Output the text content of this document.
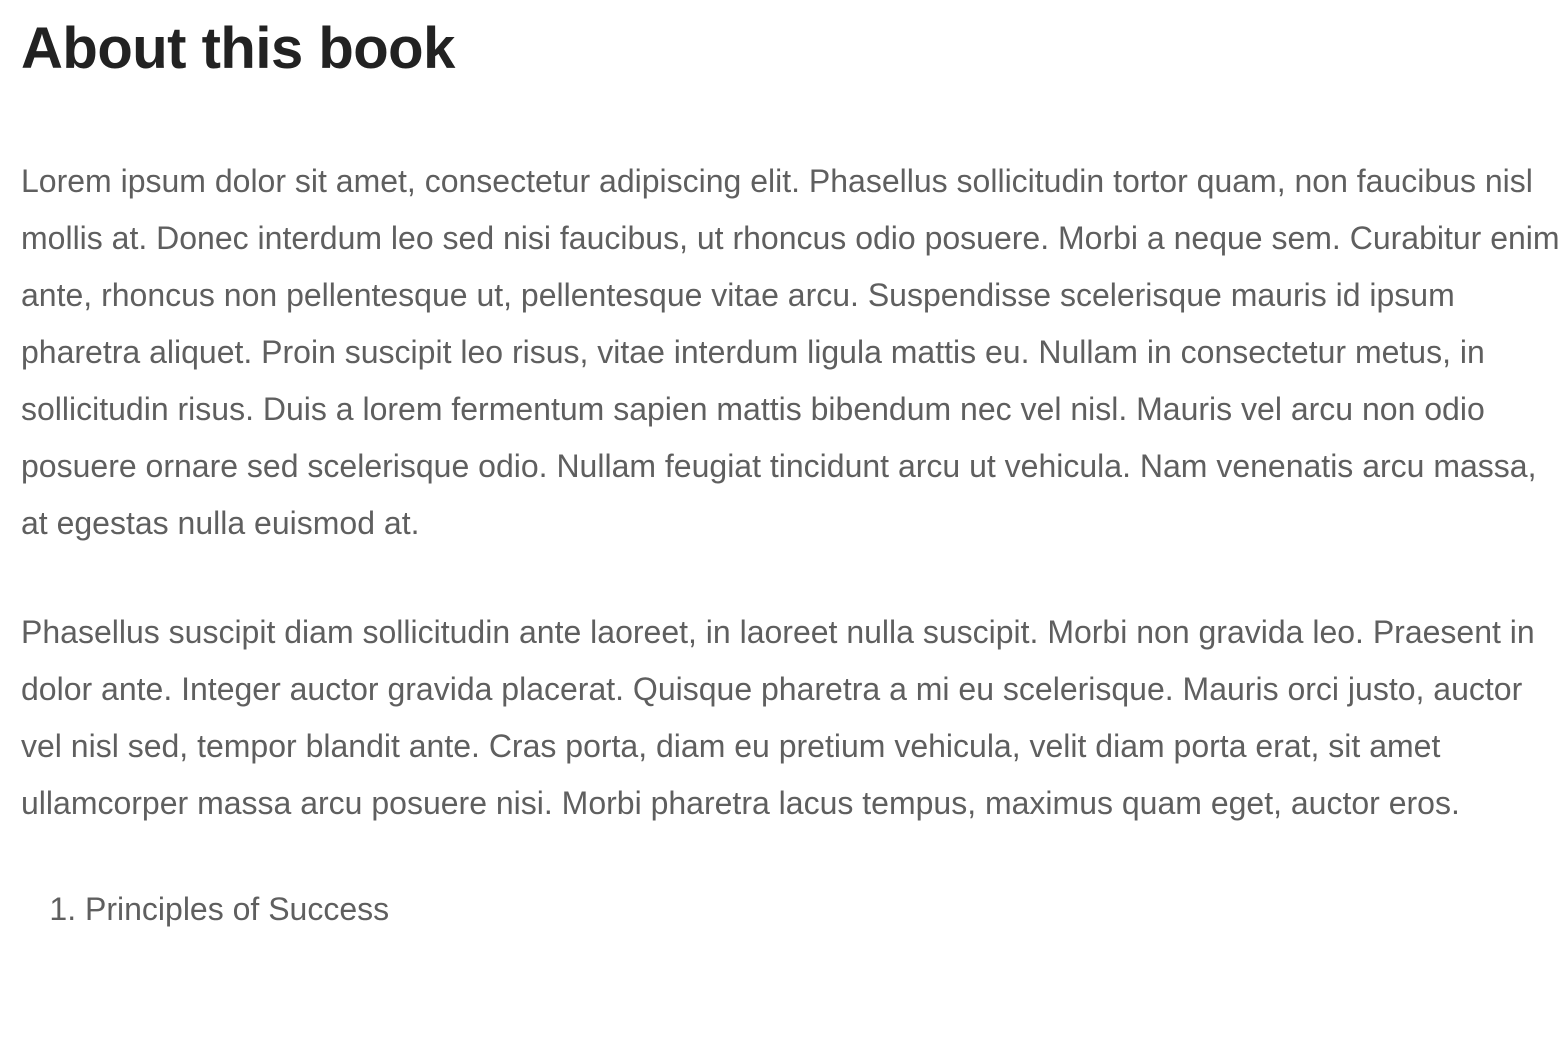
About this book

Lorem ipsum dolor sit amet, consectetur adipiscing elit. Phasellus sollicitudin tortor quam, non faucibus nisl mollis at. Donec interdum leo sed nisi faucibus, ut rhoncus odio posuere. Morbi a neque sem. Curabitur enim ante, rhoncus non pellentesque ut, pellentesque vitae arcu. Suspendisse scelerisque mauris id ipsum pharetra aliquet. Proin suscipit leo risus, vitae interdum ligula mattis eu. Nullam in consectetur metus, in sollicitudin risus. Duis a lorem fermentum sapien mattis bibendum nec vel nisl. Mauris vel arcu non odio posuere ornare sed scelerisque odio. Nullam feugiat tincidunt arcu ut vehicula. Nam venenatis arcu massa, at egestas nulla euismod at.

Phasellus suscipit diam sollicitudin ante laoreet, in laoreet nulla suscipit. Morbi non gravida leo. Praesent in dolor ante. Integer auctor gravida placerat. Quisque pharetra a mi eu scelerisque. Mauris orci justo, auctor vel nisl sed, tempor blandit ante. Cras porta, diam eu pretium vehicula, velit diam porta erat, sit amet ullamcorper massa arcu posuere nisi. Morbi pharetra lacus tempus, maximus quam eget, auctor eros.

1. Principles of Success
